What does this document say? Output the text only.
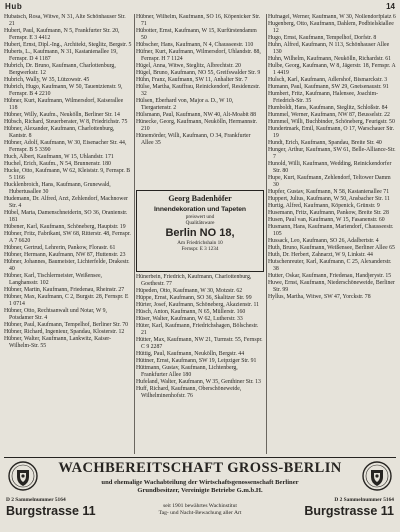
Hub	14
Hubatsch, Rosa, Witwe, N 31, Alte Schönhauser Str. 21
Hubert, Paul, Kaufmann, N 5, Frankfurter Str. 20, Fernspr. E 3 4412
Hubert, Ernst, Dipl.-Ing., Architekt, Steglitz, Bergstr. 5
Huberts, L., Kaufmann, N 31, Kastanienallee 19, Fernspr. D 4 1187
Hubrich, Dr. Bruno, Kaufmann, Charlottenburg, Bergwerkstr. 12
Hubrich, Wally, W 35, Lützowstr. 45
Hubrich, Hugo, Kaufmann, W 50, Tauentzienstr. 9, Fernspr. B 4 2210
Hübner, Kurt, Kaufmann, Wilmersdorf, Kaiserallee 118
Hübner, Willy, Kaufm., Neukölln, Berliner Str. 14
Hübsch, Richard, Steuerberater, W 8, Friedrichstr. 75
Hübner, Alexander, Kaufmann, Charlottenburg, Kantstr. 8
Hübner, Adolf, Kaufmann, W 30, Eisenacher Str. 44, Fernspr. B 5 3390
Huch, Albert, Kaufmann, W 15, Uhlandstr. 171
Huchel, Erich, Kaufm., N 54, Brunnenstr. 180
Hucke, Otto, Kaufmann, W 62, Kleiststr. 9, Fernspr. B 5 1166
Hucklenbroich, Hans, Kaufmann, Grunewald, Hubertusallee 30
Hudemann, Dr. Alfred, Arzt, Zehlendorf, Machnower Str. 4
Hübel, Marta, Damenschneiderin, SO 36, Oranienstr. 181
Hübener, Karl, Kaufmann, Schöneberg, Hauptstr. 19
Hübner, Fritz, Fabrikant, SW 68, Ritterstr. 48, Fernspr. A 7 6620
Hübner, Gertrud, Lehrerin, Pankow, Florastr. 61
Hübner, Hermann, Kaufmann, NW 87, Huttenstr. 23
Hübner, Johannes, Baumeister, Lichterfelde, Drakestr. 40
Hübner, Karl, Tischlermeister, Weißensee, Langhansstr. 102
Hübner, Martin, Kaufmann, Friedenau, Rheinstr. 27
Hübner, Max, Kaufmann, C 2, Burgstr. 28, Fernspr. E 1 0714
Hübner, Otto, Rechtsanwalt und Notar, W 9, Potsdamer Str. 4
Hübner, Paul, Kaufmann, Tempelhof, Berliner Str. 70
Hübner, Richard, Ingenieur, Spandau, Klosterstr. 12
Hübner, Walter, Kaufmann, Lankwitz, Kaiser-Wilhelm-Str. 55
Hübner, Wilhelm, Kaufmann, SO 16, Köpenicker Str. 71
Hübotter, Ernst, Kaufmann, W 15, Kurfürstendamm 50
Hübscher, Hans, Kaufmann, N 4, Chausseestr. 110
Hüfner, Kurt, Kaufmann, Wilmersdorf, Uhlandstr. 88, Fernspr. H 7 1124
Hügel, Anna, Witwe, Steglitz, Albrechtstr. 20
Hügel, Bruno, Kaufmann, NO 55, Greifswalder Str. 9
Hühn, Franz, Kaufmann, SW 11, Anhalter Str. 7
Hülse, Martha, Kauffrau, Reinickendorf, Residenzstr. 32
Hülsen, Eberhard von, Major a. D., W 10, Tiergartenstr. 2
Hülsmann, Paul, Kaufmann, NW 40, Alt-Moabit 88
Hünecke, Georg, Kaufmann, Neukölln, Hermannstr. 210
Hünemörder, Willi, Kaufmann, O 34, Frankfurter Allee 35
Georg Badenhöfer
Innendekoration und Tapeten
preiswert und
Qualitätsware
Berlin NO 18,
Am Friedrichshain 10
Fernspr. E 3 1234
Hünerbein, Friedrich, Kaufmann, Charlottenburg, Goethestr. 77
Hüpeden, Otto, Kaufmann, W 30, Motzstr. 62
Hüppe, Ernst, Kaufmann, SO 36, Skalitzer Str. 99
Hürter, Josef, Kaufmann, Schöneberg, Akazienstr. 11
Hüsch, Anton, Kaufmann, N 65, Müllerstr. 160
Hüser, Walter, Kaufmann, W 62, Lutherstr. 33
Hüter, Karl, Kaufmann, Friedrichshagen, Bölschestr. 21
Hütter, Max, Kaufmann, NW 21, Turmstr. 55, Fernspr. C 9 2287
Hüttig, Paul, Kaufmann, Neukölln, Bergstr. 44
Hüttner, Ernst, Kaufmann, SW 19, Leipziger Str. 91
Hüttmann, Gustav, Kaufmann, Lichtenberg, Frankfurter Allee 180
Hufeland, Walter, Kaufmann, W 35, Genthiner Str. 13
Huff, Richard, Kaufmann, Oberschöneweide, Wilhelminenhofstr. 76
Hufnagel, Werner, Kaufmann, W 30, Nollendorfplatz 6
Hugenberg, Otto, Kaufmann, Dahlem, Podbielskiallee 12
Hugo, Ernst, Kaufmann, Tempelhof, Dorfstr. 8
Huhn, Alfred, Kaufmann, N 113, Schönhauser Allee 130
Huhn, Wilhelm, Kaufmann, Neukölln, Richardstr. 61
Hulbe, Georg, Kaufmann, W 8, Jägerstr. 18, Fernspr. A 1 4419
Hulsch, Karl, Kaufmann, Adlershof, Bismarckstr. 3
Humann, Paul, Kaufmann, SW 29, Gneisenaustr. 91
Humbert, Fritz, Kaufmann, Halensee, Joachim-Friedrich-Str. 35
Humboldt, Hans, Kaufmann, Steglitz, Schloßstr. 84
Hummel, Werner, Kaufmann, NW 87, Beusselstr. 22
Hummel, Willi, Buchbinder, Schöneberg, Feurigstr. 50
Hundertmark, Emil, Kaufmann, O 17, Warschauer Str. 19
Hundt, Erich, Kaufmann, Spandau, Breite Str. 40
Hunger, Arthur, Kaufmann, SW 61, Belle-Alliance-Str. 7
Hunold, Willi, Kaufmann, Wedding, Reinickendorfer Str. 80
Hupe, Kurt, Kaufmann, Zehlendorf, Teltower Damm 30
Hupfer, Gustav, Kaufmann, N 58, Kastanienallee 71
Huppert, Julius, Kaufmann, W 50, Ansbacher Str. 11
Hurtig, Alfred, Kaufmann, Köpenick, Grünstr. 9
Husemann, Fritz, Kaufmann, Pankow, Breite Str. 28
Husen, Paul van, Kaufmann, W 15, Fasanenstr. 60
Husmann, Hans, Kaufmann, Mariendorf, Chausseestr. 105
Hussack, Leo, Kaufmann, SO 26, Adalbertstr. 4
Huth, Bruno, Kaufmann, Weißensee, Berliner Allee 65
Huth, Dr. Herbert, Zahnarzt, W 9, Linkstr. 44
Hutschenreuter, Karl, Kaufmann, C 25, Alexanderstr. 38
Hutter, Oskar, Kaufmann, Friedenau, Handjerystr. 15
Huwe, Ernst, Kaufmann, Niederschöneweide, Berliner Str. 99
Hyllus, Martha, Witwe, SW 47, Yorckstr. 78
WACHBEREITSCHAFT GROSS-BERLIN
und ehemalige Wachabteilung der Wirtschaftsgenossenschaft Berliner
Grundbesitzer, Vereinigte Betriebe G.m.b.H.
D 2 Sammelnummer 5164
Burgstrasse 11	seit 1901 bewährtes Wachinstitut
Tag- und Nacht-Bewachung aller Art
D 2 Sammelnummer 5164
Burgstrasse 11
